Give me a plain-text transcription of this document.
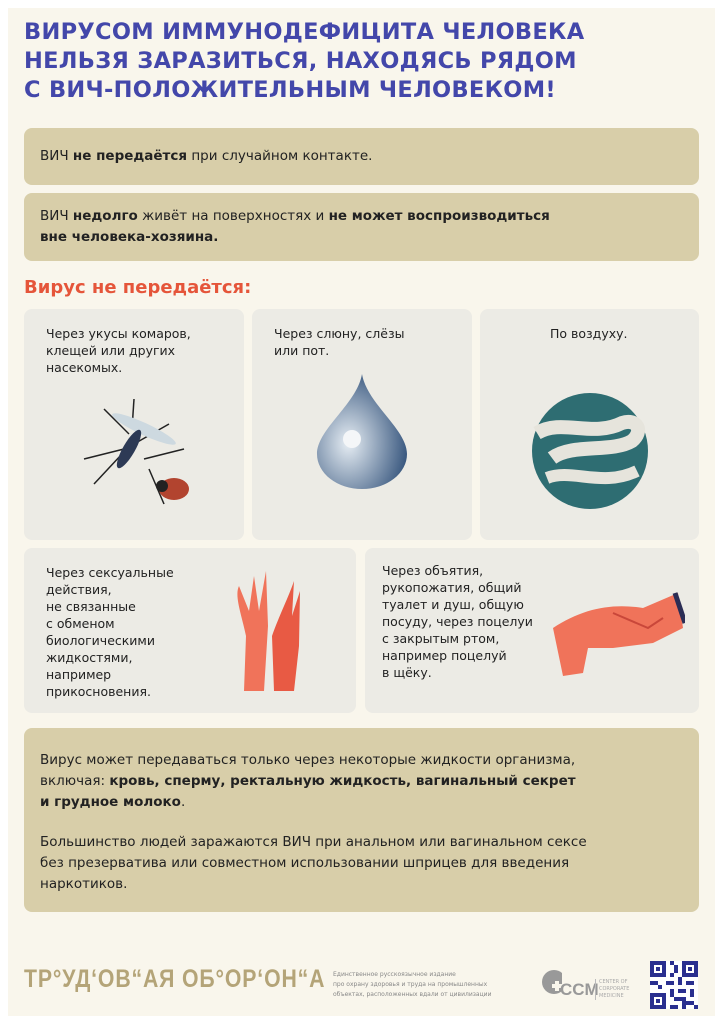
ВИРУСОМ ИММУНОДЕФИЦИТА ЧЕЛОВЕКА
НЕЛЬЗЯ ЗАРАЗИТЬСЯ, НАХОДЯСЬ РЯДОМ
С ВИЧ-ПОЛОЖИТЕЛЬНЫМ ЧЕЛОВЕКОМ!
ВИЧ не передаётся при случайном контакте.
ВИЧ недолго живёт на поверхностях и не может воспроизводиться
вне человека-хозяина.
Вирус не передаётся:
Через укусы комаров,
клещей или других
насекомых.
Через слюну, слёзы
или пот.
По воздуху.
Через сексуальные
действия,
не связанные
с обменом
биологическими
жидкостями,
например
прикосновения.
Через объятия,
рукопожатия, общий
туалет и душ, общую
посуду, через поцелуи
с закрытым ртом,
например поцелуй
в щёку.
Вирус может передаваться только через некоторые жидкости организма,
включая: кровь, сперму, ректальную жидкость, вагинальный секрет
и грудное молоко.
Большинство людей заражаются ВИЧ при анальном или вагинальном сексе
без презерватива или совместном использовании шприцев для введения
наркотиков.
ТР°УД‘ОВ“АЯ ОБ°ОР‘ОН“А Единственное русскоязычное издание
про охрану здоровья и труда на промышленных
объектах, расположенных вдали от цивилизации	CCM CENTER OF
CORPORATE
MEDICINE
